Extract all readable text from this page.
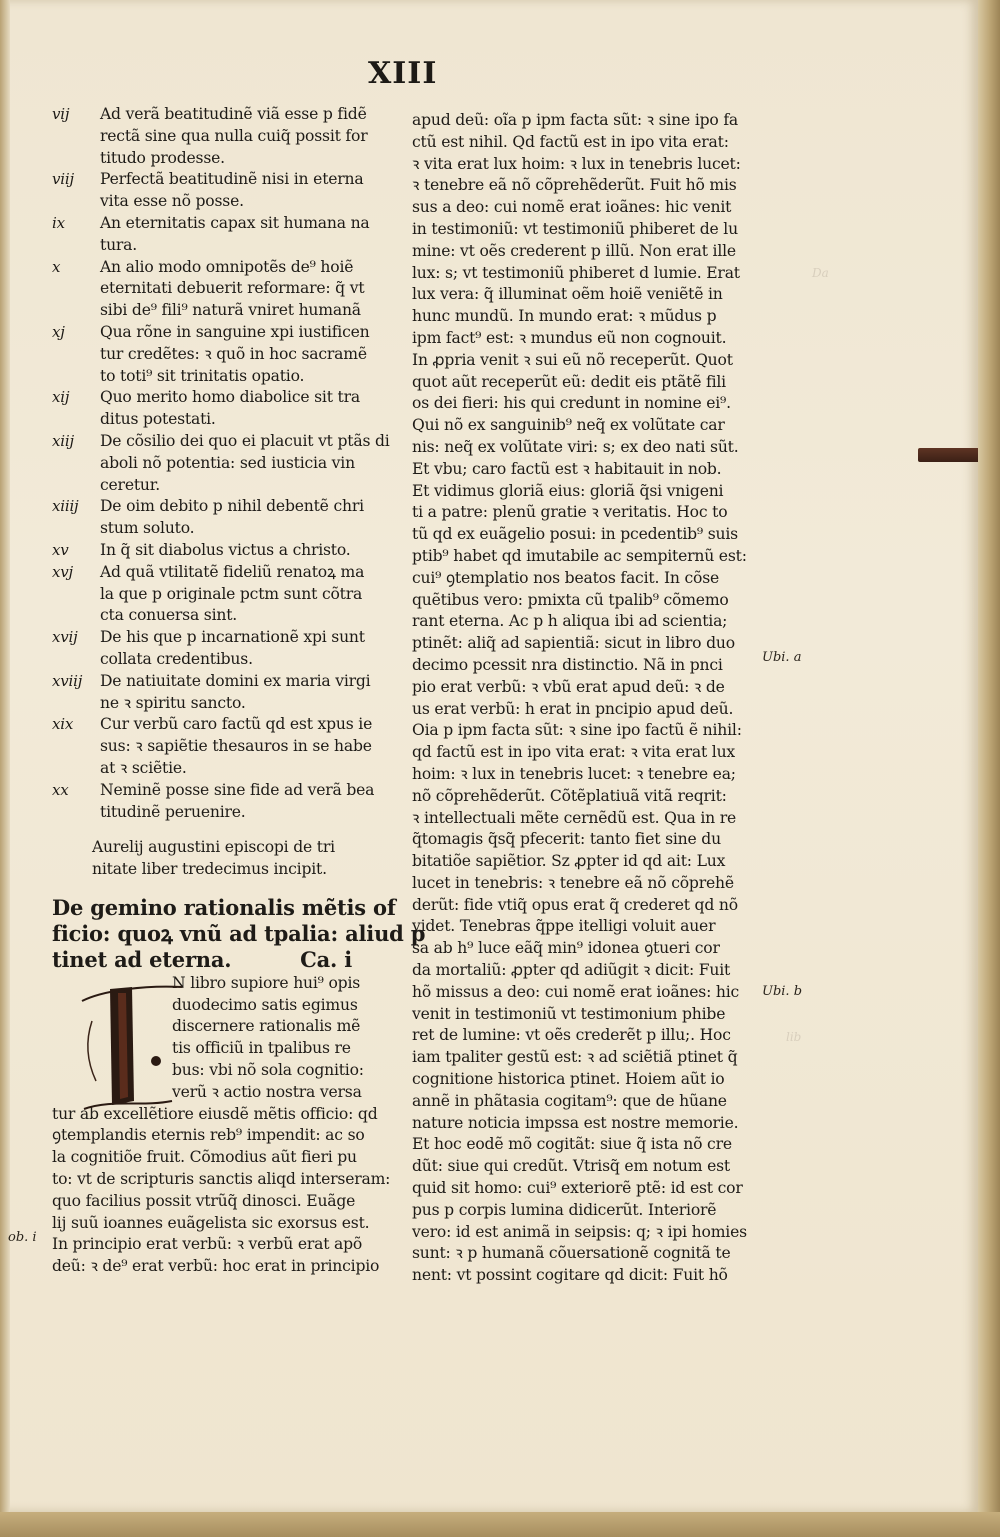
XIII
Da
lib
vij	Ad verã beatitudinẽ viã esse p fidẽ
rectã sine qua nulla cuiq̃ possit for
titudo prodesse.
viij	Perfectã beatitudinẽ nisi in eterna
vita esse nõ posse.
ix	An eternitatis capax sit humana na
tura.
x	An alio modo omnipotẽs de⁹ hoiẽ
eternitati debuerit reformare: q̃ vt
sibi de⁹ fili⁹ naturã vniret humanã
xj	Qua rõne in sanguine xpi iustificen
tur credẽtes: ꝛ quõ in hoc sacramẽ
to toti⁹ sit trinitatis opatio.
xij	Quo merito homo diabolice sit tra
ditus potestati.
xiij	De cõsilio dei quo ei placuit vt ptãs di
aboli nõ potentia: sed iusticia vin
ceretur.
xiiij	De oim debito p nihil debentẽ chri
stum soluto.
xv	In q̃ sit diabolus victus a christo.
xvj	Ad quã vtilitatẽ fideliũ renatoꝝ ma
la que p originale pctm sunt cõtra
cta conuersa sint.
xvij	De his que p incarnationẽ xpi sunt
collata credentibus.
xviij	De natiuitate domini ex maria virgi
ne ꝛ spiritu sancto.
xix	Cur verbũ caro factũ qd est xpus ie
sus: ꝛ sapiẽtie thesauros in se habe
at ꝛ sciẽtie.
xx	Neminẽ posse sine fide ad verã bea
titudinẽ peruenire.
Aurelij augustini episcopi de tri
nitate liber tredecimus incipit.
De gemino rationalis mẽtis of
ficio: quoꝝ vnũ ad tpalia: aliud p
tinet ad eterna.	Ca. i
N libro supiore hui⁹ opis
duodecimo satis egimus
discernere rationalis mẽ
tis officiũ in tpalibus re
bus: vbi nõ sola cognitio:
verũ ꝛ actio nostra versa
tur ab excellẽtiore eiusdẽ mẽtis officio: qd
ꝯtemplandis eternis reb⁹ impendit: ac so
la cognitiõe fruit. Cõmodius aũt fieri pu
to: vt de scripturis sanctis aliqd interseram:
quo facilius possit vtrũq̃ dinosci. Euãge
lij suũ ioannes euãgelista sic exorsus est.
In principio erat verbũ: ꝛ verbũ erat apõ
deũ: ꝛ de⁹ erat verbũ: hoc erat in principio
ob. i
apud deũ: oĩa p ipm facta sũt: ꝛ sine ipo fa
ctũ est nihil. Qd factũ est in ipo vita erat:
ꝛ vita erat lux hoim: ꝛ lux in tenebris lucet:
ꝛ tenebre eã nõ cõprehẽderũt. Fuit hõ mis
sus a deo: cui nomẽ erat ioãnes: hic venit
in testimoniũ: vt testimoniũ phiberet de lu
mine: vt oẽs crederent p illũ. Non erat ille
lux: s; vt testimoniũ phiberet d lumie. Erat
lux vera: q̃ illuminat oẽm hoiẽ veniẽtẽ in
hunc mundũ. In mundo erat: ꝛ mũdus p
ipm fact⁹ est: ꝛ mundus eũ non cognouit.
In ꝓpria venit ꝛ sui eũ nõ receperũt. Quot
quot aũt receperũt eũ: dedit eis ptãtẽ fili
os dei fieri: his qui credunt in nomine ei⁹.
Qui nõ ex sanguinib⁹ neq̃ ex volũtate car
nis: neq̃ ex volũtate viri: s; ex deo nati sũt.
Et vbu; caro factũ est ꝛ habitauit in nob.
Et vidimus gloriã eius: gloriã q̃si vnigeni
ti a patre: plenũ gratie ꝛ veritatis. Hoc to
tũ qd ex euãgelio posui: in pcedentib⁹ suis
ptib⁹ habet qd imutabile ac sempiternũ est:
cui⁹ ꝯtemplatio nos beatos facit. In cõse
quẽtibus vero: pmixta cũ tpalib⁹ cõmemo
rant eterna. Ac p h aliqua ibi ad scientia;
ptinẽt: aliq̃ ad sapientiã: sicut in libro duo
decimo pcessit nra distinctio. Nã in pnci
pio erat verbũ: ꝛ vbũ erat apud deũ: ꝛ de
us erat verbũ: h erat in pncipio apud deũ.
Oia p ipm facta sũt: ꝛ sine ipo factũ ẽ nihil:
qd factũ est in ipo vita erat: ꝛ vita erat lux
hoim: ꝛ lux in tenebris lucet: ꝛ tenebre ea;
nõ cõprehẽderũt. Cõtẽplatiuã vitã reqrit:
ꝛ intellectuali mẽte cernẽdũ est. Qua in re
q̃tomagis q̃sq̃ pfecerit: tanto fiet sine du
bitatiõe sapiẽtior. Sz ꝓpter id qd ait: Lux
lucet in tenebris: ꝛ tenebre eã nõ cõprehẽ
derũt: fide vtiq̃ opus erat q̃ crederet qd nõ
videt. Tenebras q̃ppe itelligi voluit auer
sa ab h⁹ luce eãq̃ min⁹ idonea ꝯtueri cor
da mortaliũ: ꝓpter qd adiũgit ꝛ dicit: Fuit
hõ missus a deo: cui nomẽ erat ioãnes: hic
venit in testimoniũ vt testimonium phibe
ret de lumine: vt oẽs crederẽt p illu;. Hoc
iam tpaliter gestũ est: ꝛ ad sciẽtiã ptinet q̃
cognitione historica ptinet. Hoiem aũt io
annẽ in phãtasia cogitam⁹: que de hũane
nature noticia impssa est nostre memorie.
Et hoc eodẽ mõ cogitãt: siue q̃ ista nõ cre
dũt: siue qui credũt. Vtrisq̃ em notum est
quid sit homo: cui⁹ exteriorẽ ptẽ: id est cor
pus p corpis lumina didicerũt. Interiorẽ
vero: id est animã in seipsis: q; ꝛ ipi homies
sunt: ꝛ p humanã cõuersationẽ cognitã te
nent: vt possint cogitare qd dicit: Fuit hõ
Ubi. a
Ubi. b
